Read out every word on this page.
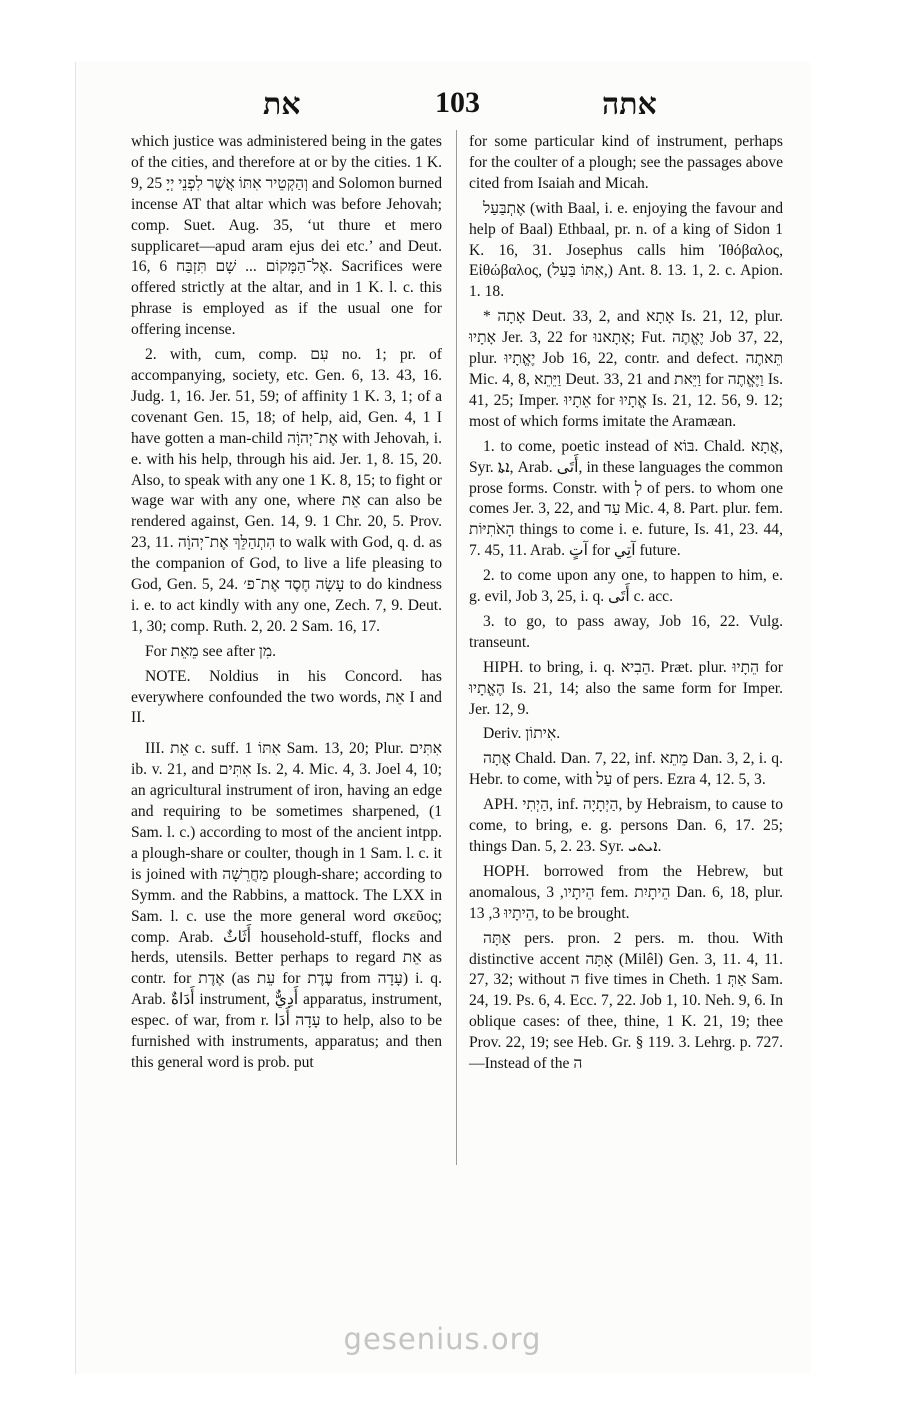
את	103	אתה

which justice was administered being in the gates of the cities, and therefore at or by the cities. 1 K. 9, 25 וְהַקְטֵיר אִתּוֹ אֲשֶׁר לִפְנֵי יְיָ and Solomon burned incense AT that altar which was before Jehovah; comp. Suet. Aug. 35, ‘ut thure et mero supplicaret—apud aram ejus dei etc.’ and Deut. 16, 6 אֶל־הַמָּקוֹם ... שָׁם תִּזְבַּח. Sacrifices were offered strictly at the altar, and in 1 K. l. c. this phrase is employed as if the usual one for offering incense.

2. with, cum, comp. עִם no. 1; pr. of accompanying, society, etc. Gen. 6, 13. 43, 16. Judg. 1, 16. Jer. 51, 59; of affinity 1 K. 3, 1; of a covenant Gen. 15, 18; of help, aid, Gen. 4, 1 I have gotten a man-child אֶת־יְהוָֹה with Jehovah, i. e. with his help, through his aid. Jer. 1, 8. 15, 20. Also, to speak with any one 1 K. 8, 15; to fight or wage war with any one, where אֵת can also be rendered against, Gen. 14, 9. 1 Chr. 20, 5. Prov. 23, 11. הִתְהַלֵּךְ אֶת־יְהוָֹה to walk with God, q. d. as the companion of God, to live a life pleasing to God, Gen. 5, 24. עָשָׂה חֶסֶד אֶת־פ׳ to do kindness i. e. to act kindly with any one, Zech. 7, 9. Deut. 1, 30; comp. Ruth. 2, 20. 2 Sam. 16, 17.

For מֵאֵת see after מִן.

NOTE. Noldius in his Concord. has everywhere confounded the two words, אֵת I and II.

III. אֵת c. suff. אִתּוֹ 1 Sam. 13, 20; Plur. אִתִּים ib. v. 21, and אִתִּים Is. 2, 4. Mic. 4, 3. Joel 4, 10; an agricultural instrument of iron, having an edge and requiring to be sometimes sharpened, (1 Sam. l. c.) according to most of the ancient intpp. a plough-share or coulter, though in 1 Sam. l. c. it is joined with מַחֲרֵשָׁה plough-share; according to Symm. and the Rabbins, a mattock. The LXX in Sam. l. c. use the more general word σκεῦος; comp. Arab. أَثَاثٌ household-stuff, flocks and herds, utensils. Better perhaps to regard אֵת as contr. for אֶדֶת (as עֵת for עֶדֶת from עָדָה) i. q. Arab. أَدَاةٌ instrument, أَدِيٌّ apparatus, instrument, espec. of war, from r. עָדָה أَدَا to help, also to be furnished with instruments, apparatus; and then this general word is prob. put

for some particular kind of instrument, perhaps for the coulter of a plough; see the passages above cited from Isaiah and Micah.

אֶתְבַּעַל (with Baal, i. e. enjoying the favour and help of Baal) Ethbaal, pr. n. of a king of Sidon 1 K. 16, 31. Josephus calls him Ἰθόβαλος, Εἰθώβαλος, (אִתּוֹ בַּעַל,) Ant. 8. 13. 1, 2. c. Apion. 1. 18.

* אָתָה Deut. 33, 2, and אָתָא Is. 21, 12, plur. אָתָיוּ Jer. 3, 22 for אָתָאנוּ; Fut. יֶאֱתֶה Job 37, 22, plur. יֶאֱתָיוּ Job 16, 22, contr. and defect. תֵּאתֶה Mic. 4, 8, וַיֵּתֵא Deut. 33, 21 and וַיֵּאת for וַיֶּאֱתֶה Is. 41, 25; Imper. אֵתָיוּ for אֱתָיוּ Is. 21, 12. 56, 9. 12; most of which forms imitate the Aramæan.

1. to come, poetic instead of בּוֹא. Chald. אֲתָא, Syr. ܐܬܐ, Arab. أَتَى, in these languages the common prose forms. Constr. with לְ of pers. to whom one comes Jer. 3, 22, and עַד Mic. 4, 8. Part. plur. fem. הָאֹתִיּוֹת things to come i. e. future, Is. 41, 23. 44, 7. 45, 11. Arab. آتٍ for آتِي future.

2. to come upon any one, to happen to him, e. g. evil, Job 3, 25, i. q. أَتَى c. acc.

3. to go, to pass away, Job 16, 22. Vulg. transeunt.

HIPH. to bring, i. q. הֵבִיא. Præt. plur. הֵתָיוּ for הֶאֱתָיוּ Is. 21, 14; also the same form for Imper. Jer. 12, 9.

Deriv. אִיתוֹן.

אֲתָה Chald. Dan. 7, 22, inf. מֵתֵא Dan. 3, 2, i. q. Hebr. to come, with עַל of pers. Ezra 4, 12. 5, 3.

APH. הַיְתִי, inf. הַיְתָיָה, by Hebraism, to cause to come, to bring, e. g. persons Dan. 6, 17. 25; things Dan. 5, 2. 23. Syr. ܐܝܬܝ.

HOPH. borrowed from the Hebrew, but anomalous, הֵיתָיו, 3 fem. הֵיתָיִת Dan. 6, 18, plur. הֵיתָיוּ 3, 13, to be brought.

אַתָּה pers. pron. 2 pers. m. thou. With distinctive accent אָתָּה (Milêl) Gen. 3, 11. 4, 11. 27, 32; without ה five times in Cheth. אַתְּ 1 Sam. 24, 19. Ps. 6, 4. Ecc. 7, 22. Job 1, 10. Neh. 9, 6. In oblique cases: of thee, thine, 1 K. 21, 19; thee Prov. 22, 19; see Heb. Gr. § 119. 3. Lehrg. p. 727.—Instead of the ה

gesenius.org
